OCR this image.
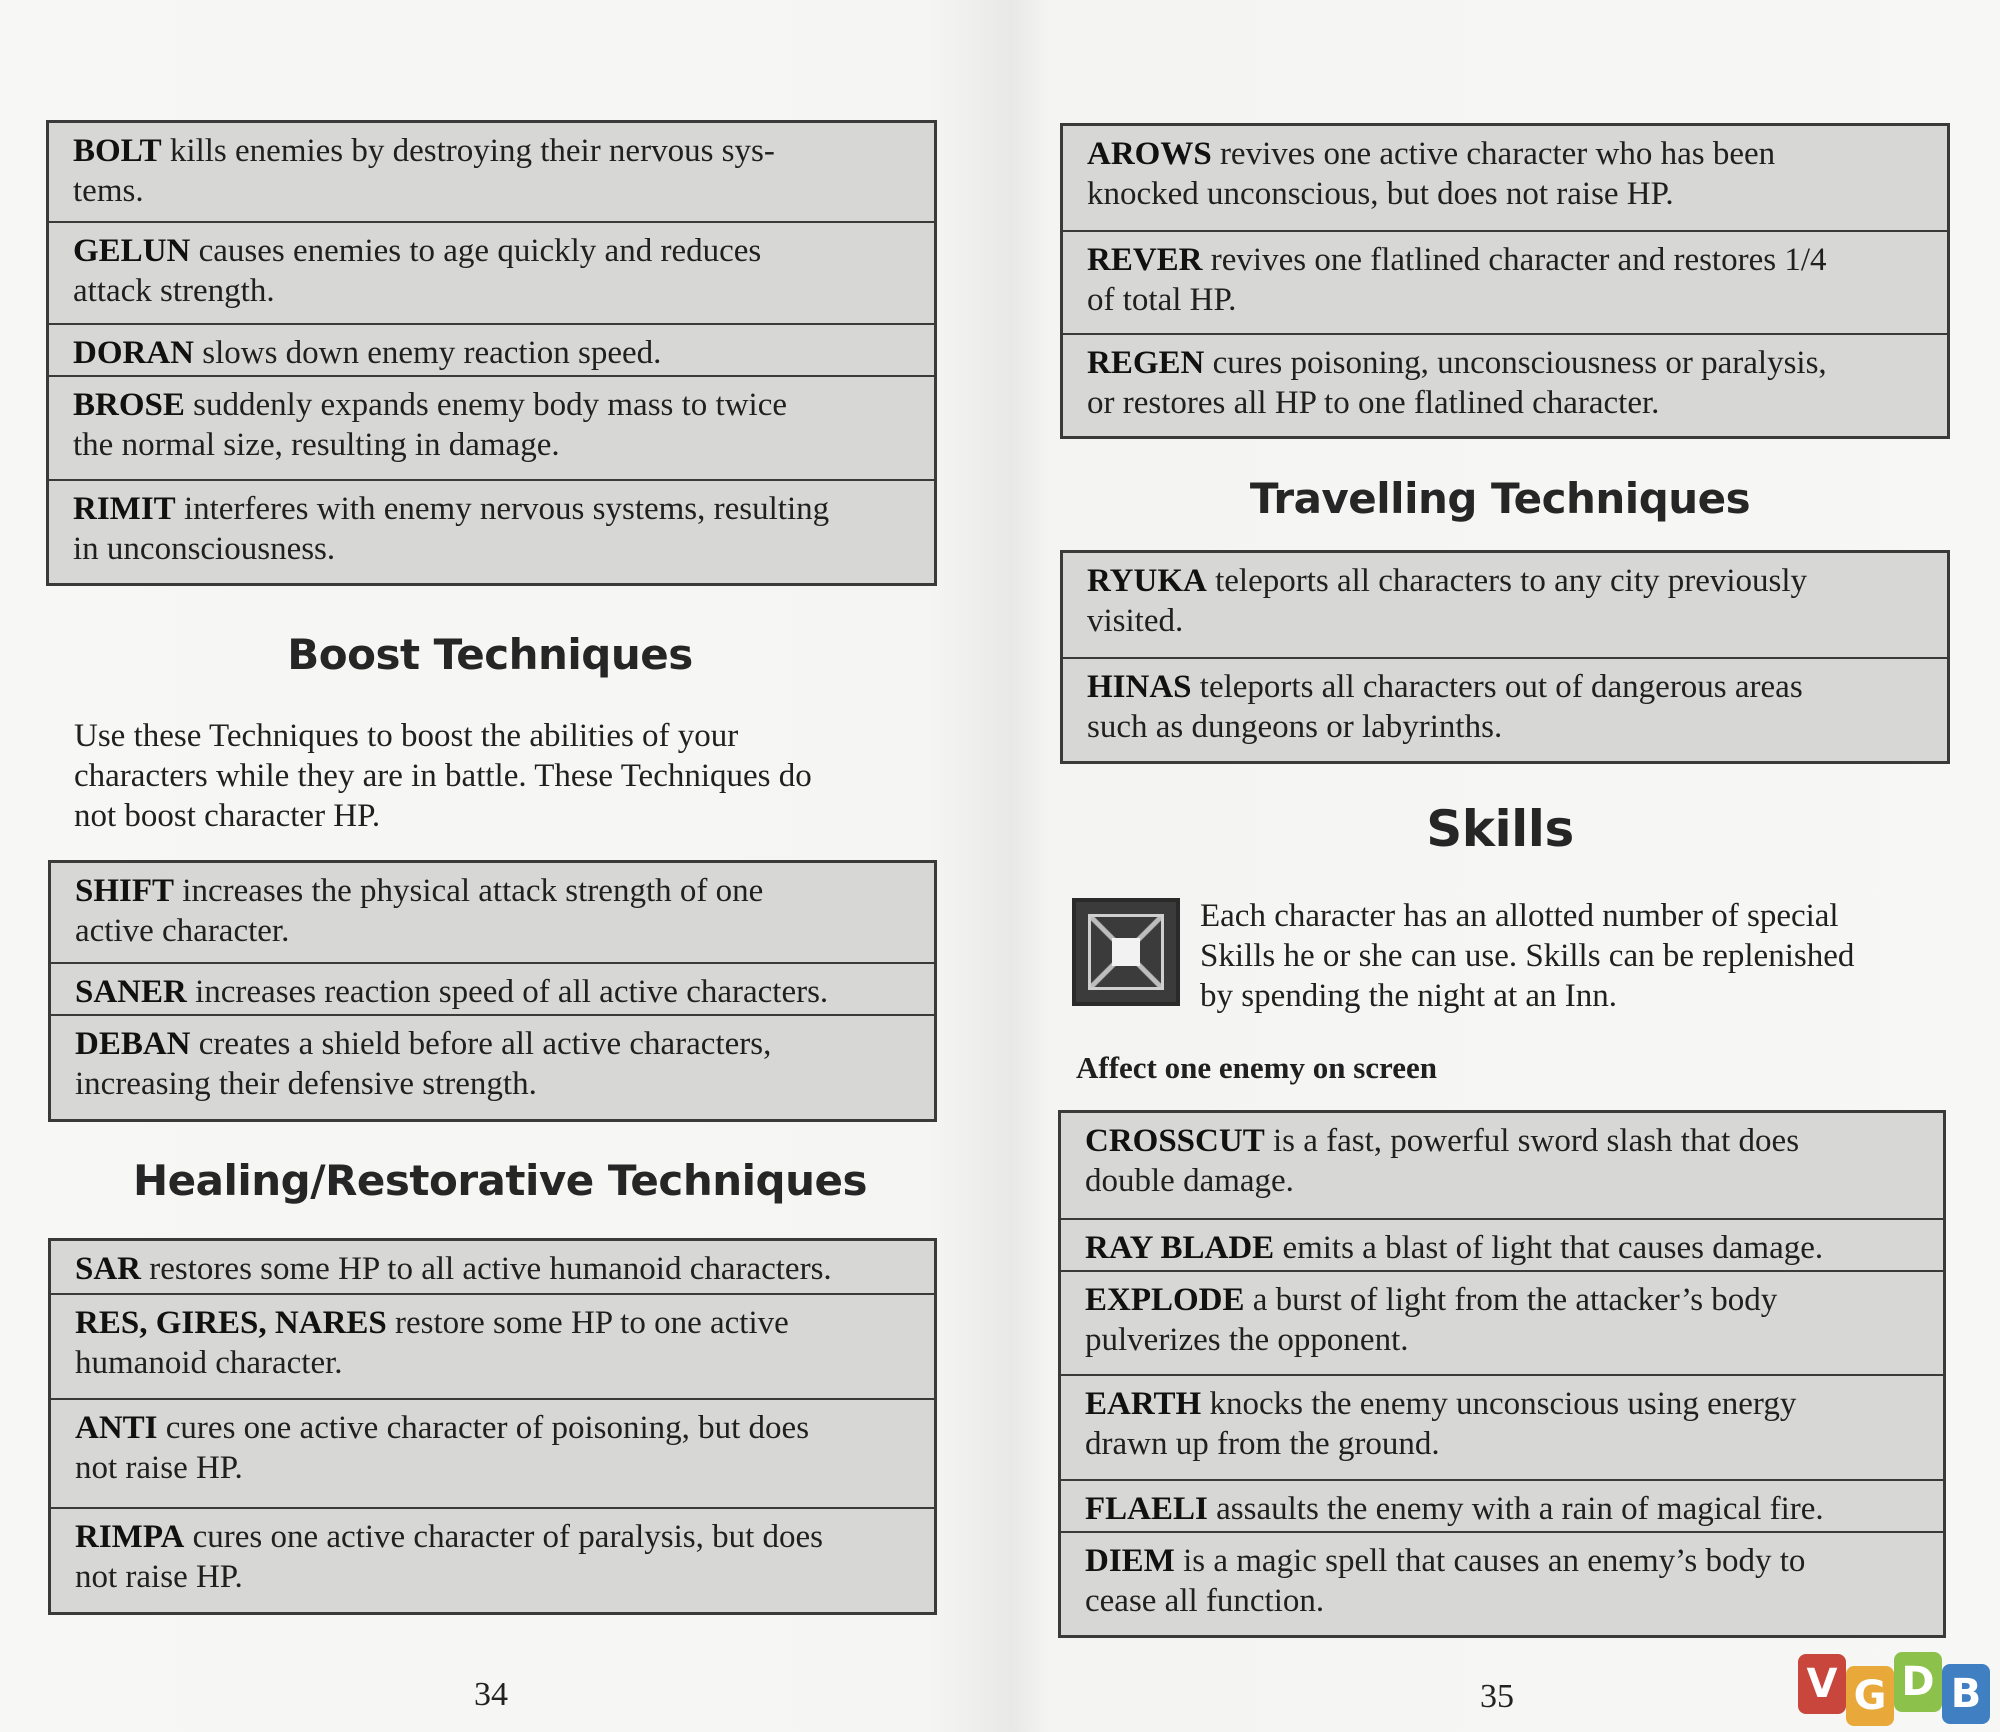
BOLT kills enemies by destroying their nervous sys-
tems.
GELUN causes enemies to age quickly and reduces
attack strength.
DORAN slows down enemy reaction speed.
BROSE suddenly expands enemy body mass to twice
the normal size, resulting in damage.
RIMIT interferes with enemy nervous systems, resulting
in unconsciousness.
Boost Techniques
Use these Techniques to boost the abilities of your
characters while they are in battle. These Techniques do
not boost character HP.
SHIFT increases the physical attack strength of one
active character.
SANER increases reaction speed of all active characters.
DEBAN creates a shield before all active characters,
increasing their defensive strength.
Healing/Restorative Techniques
SAR restores some HP to all active humanoid characters.
RES, GIRES, NARES restore some HP to one active
humanoid character.
ANTI cures one active character of poisoning, but does
not raise HP.
RIMPA cures one active character of paralysis, but does
not raise HP.
34
AROWS revives one active character who has been
knocked unconscious, but does not raise HP.
REVER revives one flatlined character and restores 1/4
of total HP.
REGEN cures poisoning, unconsciousness or paralysis,
or restores all HP to one flatlined character.
Travelling Techniques
RYUKA teleports all characters to any city previously
visited.
HINAS teleports all characters out of dangerous areas
such as dungeons or labyrinths.
Skills
Each character has an allotted number of special
Skills he or she can use. Skills can be replenished
by spending the night at an Inn.
Affect one enemy on screen
CROSSCUT is a fast, powerful sword slash that does
double damage.
RAY BLADE emits a blast of light that causes damage.
EXPLODE a burst of light from the attacker’s body
pulverizes the opponent.
EARTH knocks the enemy unconscious using energy
drawn up from the ground.
FLAELI assaults the enemy with a rain of magical fire.
DIEM is a magic spell that causes an enemy’s body to
cease all function.
35	V G D B
